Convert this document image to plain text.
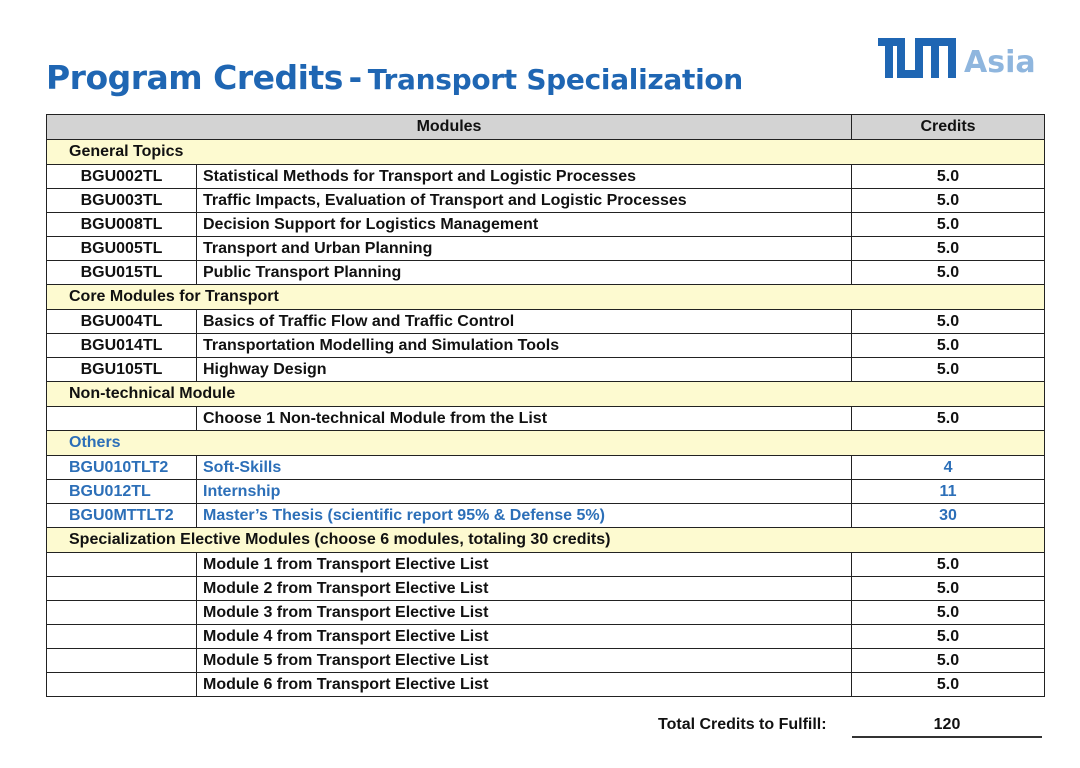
Program Credits - Transport Specialization	Asia
Modules		Credits
General Topics		
BGU002TL	Statistical Methods for Transport and Logistic Processes	5.0
BGU003TL	Traffic Impacts, Evaluation of Transport and Logistic Processes	5.0
BGU008TL	Decision Support for Logistics Management	5.0
BGU005TL	Transport and Urban Planning	5.0
BGU015TL	Public Transport Planning	5.0
Core Modules for Transport		
BGU004TL	Basics of Traffic Flow and Traffic Control	5.0
BGU014TL	Transportation Modelling and Simulation Tools	5.0
BGU105TL	Highway Design	5.0
Non-technical Module		
	Choose 1 Non-technical Module from the List	5.0
Others		
BGU010TLT2	Soft-Skills	4
BGU012TL	Internship	11
BGU0MTTLT2	Master’s Thesis (scientific report 95% & Defense 5%)	30
Specialization Elective Modules (choose 6 modules, totaling 30 credits)		
	Module 1 from Transport Elective List	5.0
	Module 2 from Transport Elective List	5.0
	Module 3 from Transport Elective List	5.0
	Module 4 from Transport Elective List	5.0
	Module 5 from Transport Elective List	5.0
	Module 6 from Transport Elective List	5.0
Total Credits to Fulfill:	120
